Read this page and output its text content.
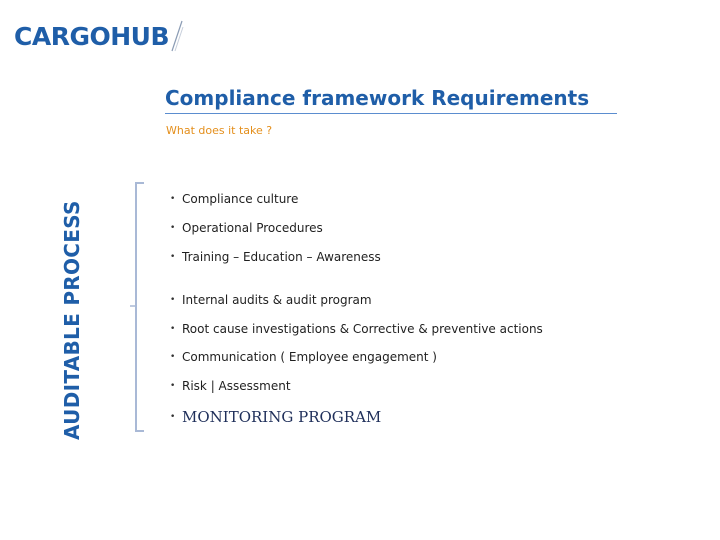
CARGOHUB
Compliance framework Requirements
What does it take ?
AUDITABLE PROCESS
• Compliance culture
• Operational Procedures
• Training – Education – Awareness
• Internal audits & audit program
• Root cause investigations & Corrective & preventive actions
• Communication ( Employee engagement )
• Risk | Assessment
• MONITORING PROGRAM
